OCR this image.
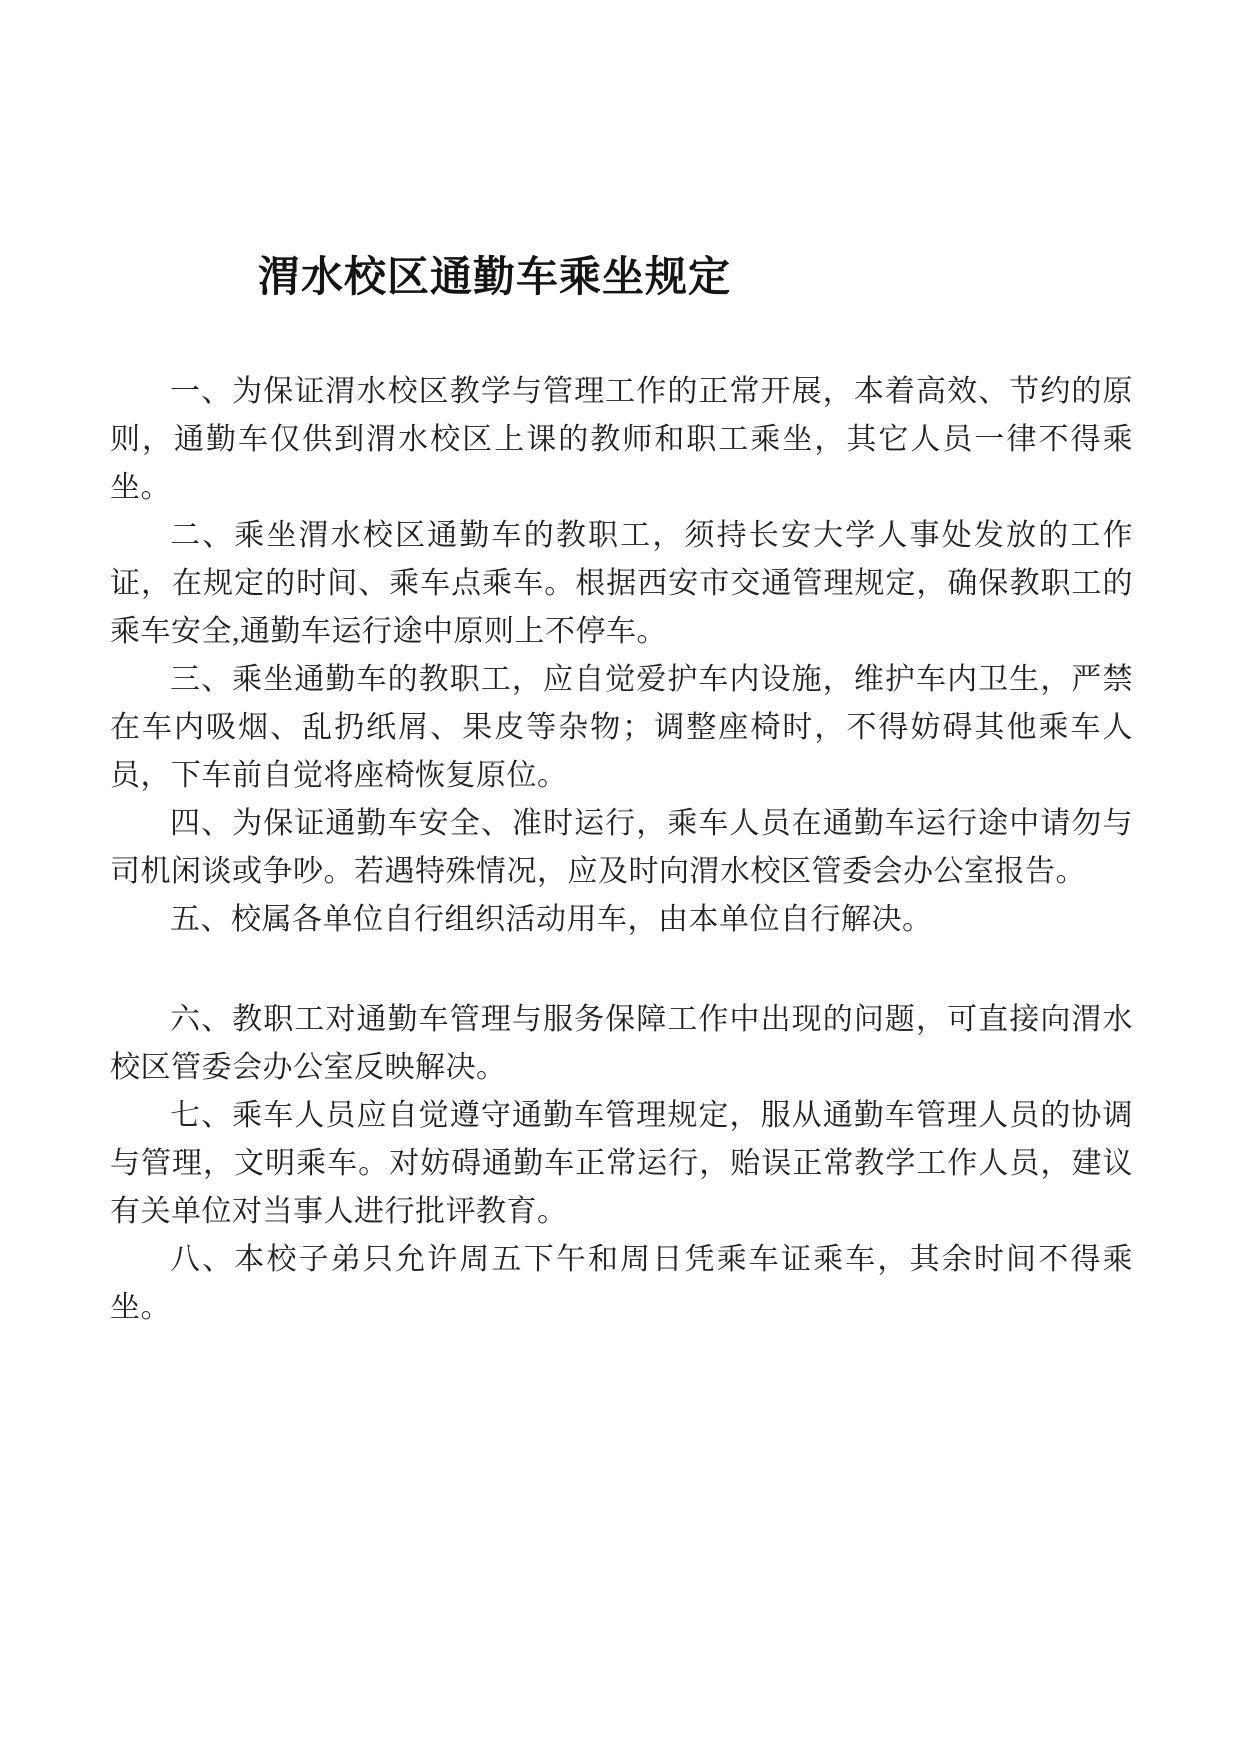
渭水校区通勤车乘坐规定

一、为保证渭水校区教学与管理工作的正常开展，本着高效、节约的原则，通勤车仅供到渭水校区上课的教师和职工乘坐，其它人员一律不得乘坐。

二、乘坐渭水校区通勤车的教职工，须持长安大学人事处发放的工作证，在规定的时间、乘车点乘车。根据西安市交通管理规定，确保教职工的乘车安全,通勤车运行途中原则上不停车。

三、乘坐通勤车的教职工，应自觉爱护车内设施，维护车内卫生，严禁在车内吸烟、乱扔纸屑、果皮等杂物；调整座椅时，不得妨碍其他乘车人员，下车前自觉将座椅恢复原位。

四、为保证通勤车安全、准时运行，乘车人员在通勤车运行途中请勿与司机闲谈或争吵。若遇特殊情况，应及时向渭水校区管委会办公室报告。

五、校属各单位自行组织活动用车，由本单位自行解决。

六、教职工对通勤车管理与服务保障工作中出现的问题，可直接向渭水校区管委会办公室反映解决。

七、乘车人员应自觉遵守通勤车管理规定，服从通勤车管理人员的协调与管理，文明乘车。对妨碍通勤车正常运行，贻误正常教学工作人员，建议有关单位对当事人进行批评教育。

八、本校子弟只允许周五下午和周日凭乘车证乘车，其余时间不得乘坐。
